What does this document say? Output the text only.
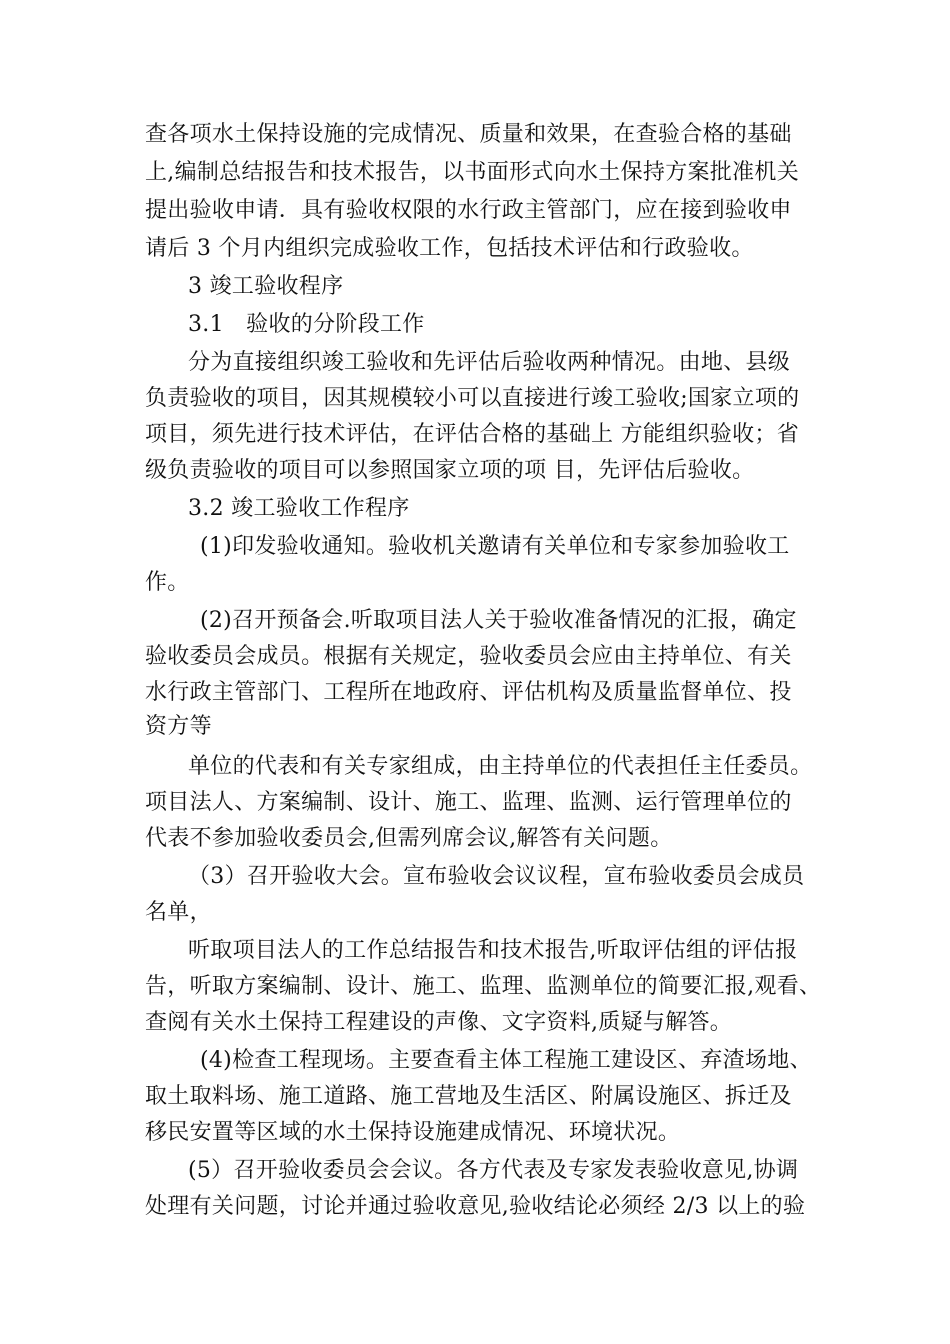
查各项水土保持设施的完成情况、质量和效果，在查验合格的基础
上,编制总结报告和技术报告，以书面形式向水土保持方案批准机关
提出验收申请．具有验收权限的水行政主管部门，应在接到验收申
请后 3 个月内组织完成验收工作，包括技术评估和行政验收。
3 竣工验收程序
3.1　验收的分阶段工作
分为直接组织竣工验收和先评估后验收两种情况。由地、县级
负责验收的项目，因其规模较小可以直接进行竣工验收;国家立项的
项目，须先进行技术评估，在评估合格的基础上 方能组织验收；省
级负责验收的项目可以参照国家立项的项 目，先评估后验收。
3.2 竣工验收工作程序
(1)印发验收通知。验收机关邀请有关单位和专家参加验收工
作。
(2)召开预备会.听取项目法人关于验收准备情况的汇报，确定
验收委员会成员。根据有关规定，验收委员会应由主持单位、有关
水行政主管部门、工程所在地政府、评估机构及质量监督单位、投
资方等
单位的代表和有关专家组成，由主持单位的代表担任主任委员。
项目法人、方案编制、设计、施工、监理、监测、运行管理单位的
代表不参加验收委员会,但需列席会议,解答有关问题。
（3）召开验收大会。宣布验收会议议程，宣布验收委员会成员
名单，
听取项目法人的工作总结报告和技术报告,听取评估组的评估报
告，听取方案编制、设计、施工、监理、监测单位的简要汇报,观看、
查阅有关水土保持工程建设的声像、文字资料,质疑与解答。
(4)检查工程现场。主要查看主体工程施工建设区、弃渣场地、
取土取料场、施工道路、施工营地及生活区、附属设施区、拆迁及
移民安置等区域的水土保持设施建成情况、环境状况。
(5）召开验收委员会会议。各方代表及专家发表验收意见,协调
处理有关问题，讨论并通过验收意见,验收结论必须经 2/3 以上的验
